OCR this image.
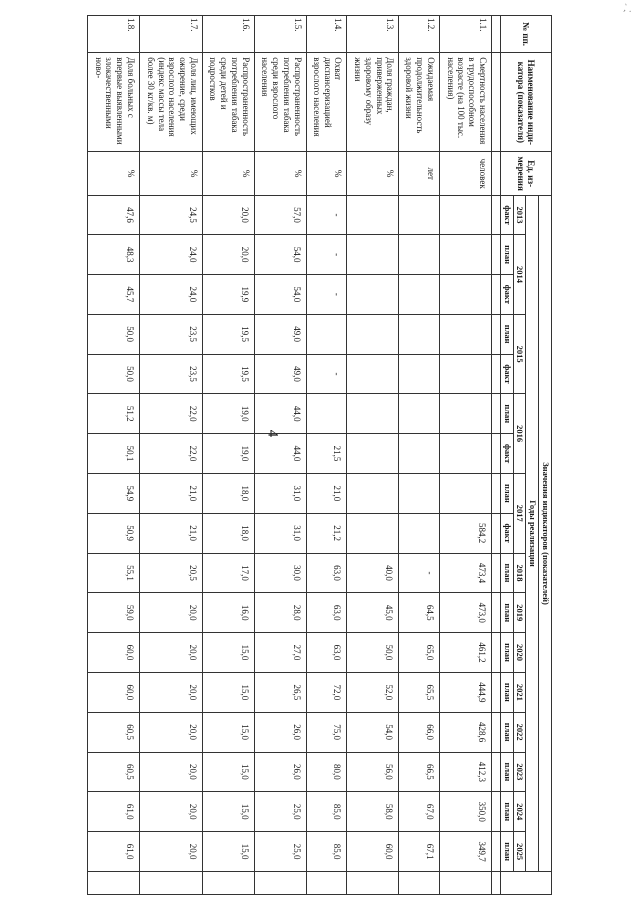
`, ·
4
№ пп.	Наименование инди-катора (показателя)	Ед. из-мерения	Значения индикаторов (показателей)																	
			Годы реализации																	
			2013	2014		2015		2016		2017		2018	2019	2020	2021	2022	2023	2024	2025	
			факт	план	факт	план	факт	план	факт	план	факт	план	план	план	план	план	план	план	план	

1.1.	Смертность населения в трудоспособном возрасте (на 100 тыс. населения)	человек									584,2	473,4	473,0	461,2	444,9	428,6	412,3	350,0	349,7	
1.2.	Ожидаемая продолжительность здоровой жизни	лет										-	64,5	65,0	65,5	66,0	66,5	67,0	67,1	
1.3.	Доля граждан, приверженных здоровому образу жизни	%										40,0	45,0	50,0	52,0	54,0	56,0	58,0	60,0	
1.4.	Охват диспансеризацией взрослого населения	%	-	-	-		-		21,5	21,0	21,2	63,0	63,0	63,0	72,0	75,0	80,0	85,0	85,0	
1.5.	Распространенность потребления табака среди взрослого населения	%	57,0	54,0	54,0	49,0	49,0	44,0	44,0	31,0	31,0	30,0	28,0	27,0	26,5	26,0	26,0	25,0	25,0	
1.6.	Распространенность потребления табака среди детей и подростков	%	20,0	20,0	19,9	19,5	19,5	19,0	19,0	18,0	18,0	17,0	16,0	15,0	15,0	15,0	15,0	15,0	15,0	
1.7.	Доля лиц, имеющих ожирение, среди взрослого населения (индекс массы тела более 30 кг/кв. м)	%	24,5	24,0	24,0	23,5	23,5	22,0	22,0	21,0	21,0	20,5	20,0	20,0	20,0	20,0	20,0	20,0	20,0	
1.8.	Доля больных с впервые выявленными злокачественными ново-	%	47,6	48,3	45,7	50,0	50,0	51,2	50,1	54,9	50,9	55,1	59,0	60,0	60,0	60,5	60,5	61,0	61,0	
